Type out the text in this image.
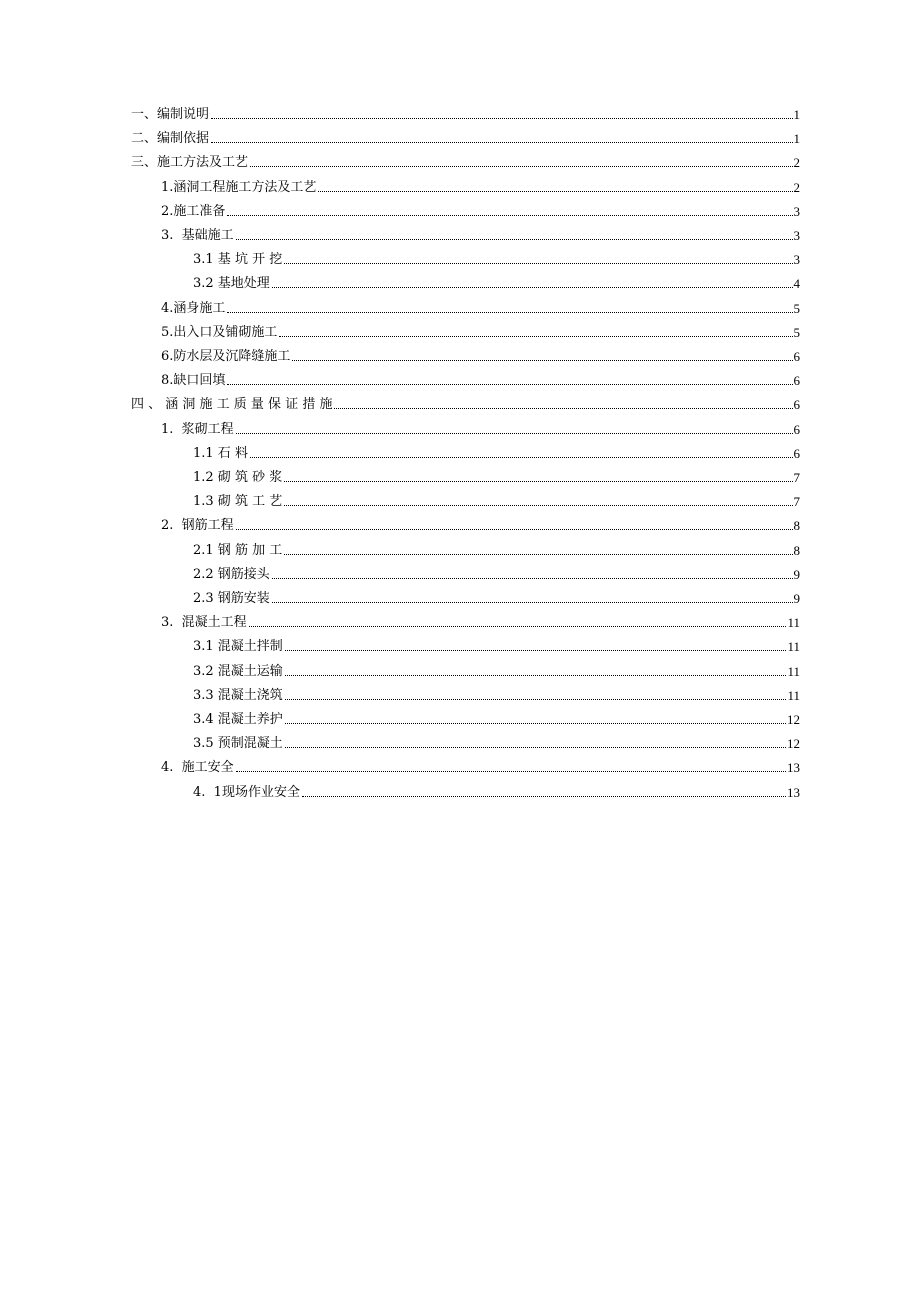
一、编制说明	1
二、编制依据	1
三、施工方法及工艺	2
1.涵洞工程施工方法及工艺	2
2.施工准备	3
3.  基础施工	3
3.1 基 坑 开 挖	3
3.2 基地处理	4
4.涵身施工	5
5.出入口及铺砌施工	5
6.防水层及沉降缝施工	6
8.缺口回填	6
四 、 涵 洞 施 工 质 量 保 证 措 施	6
1.  浆砌工程	6
1.1 石 料	6
1.2 砌 筑 砂 浆	7
1.3 砌 筑 工 艺	7
2.  钢筋工程	8
2.1 钢 筋 加 工	8
2.2 钢筋接头	9
2.3 钢筋安装	9
3.  混凝土工程	11
3.1 混凝土拌制	11
3.2 混凝土运输	11
3.3 混凝土浇筑	11
3.4 混凝土养护	12
3.5 预制混凝土	12
4.  施工安全	13
4.  1现场作业安全	13
